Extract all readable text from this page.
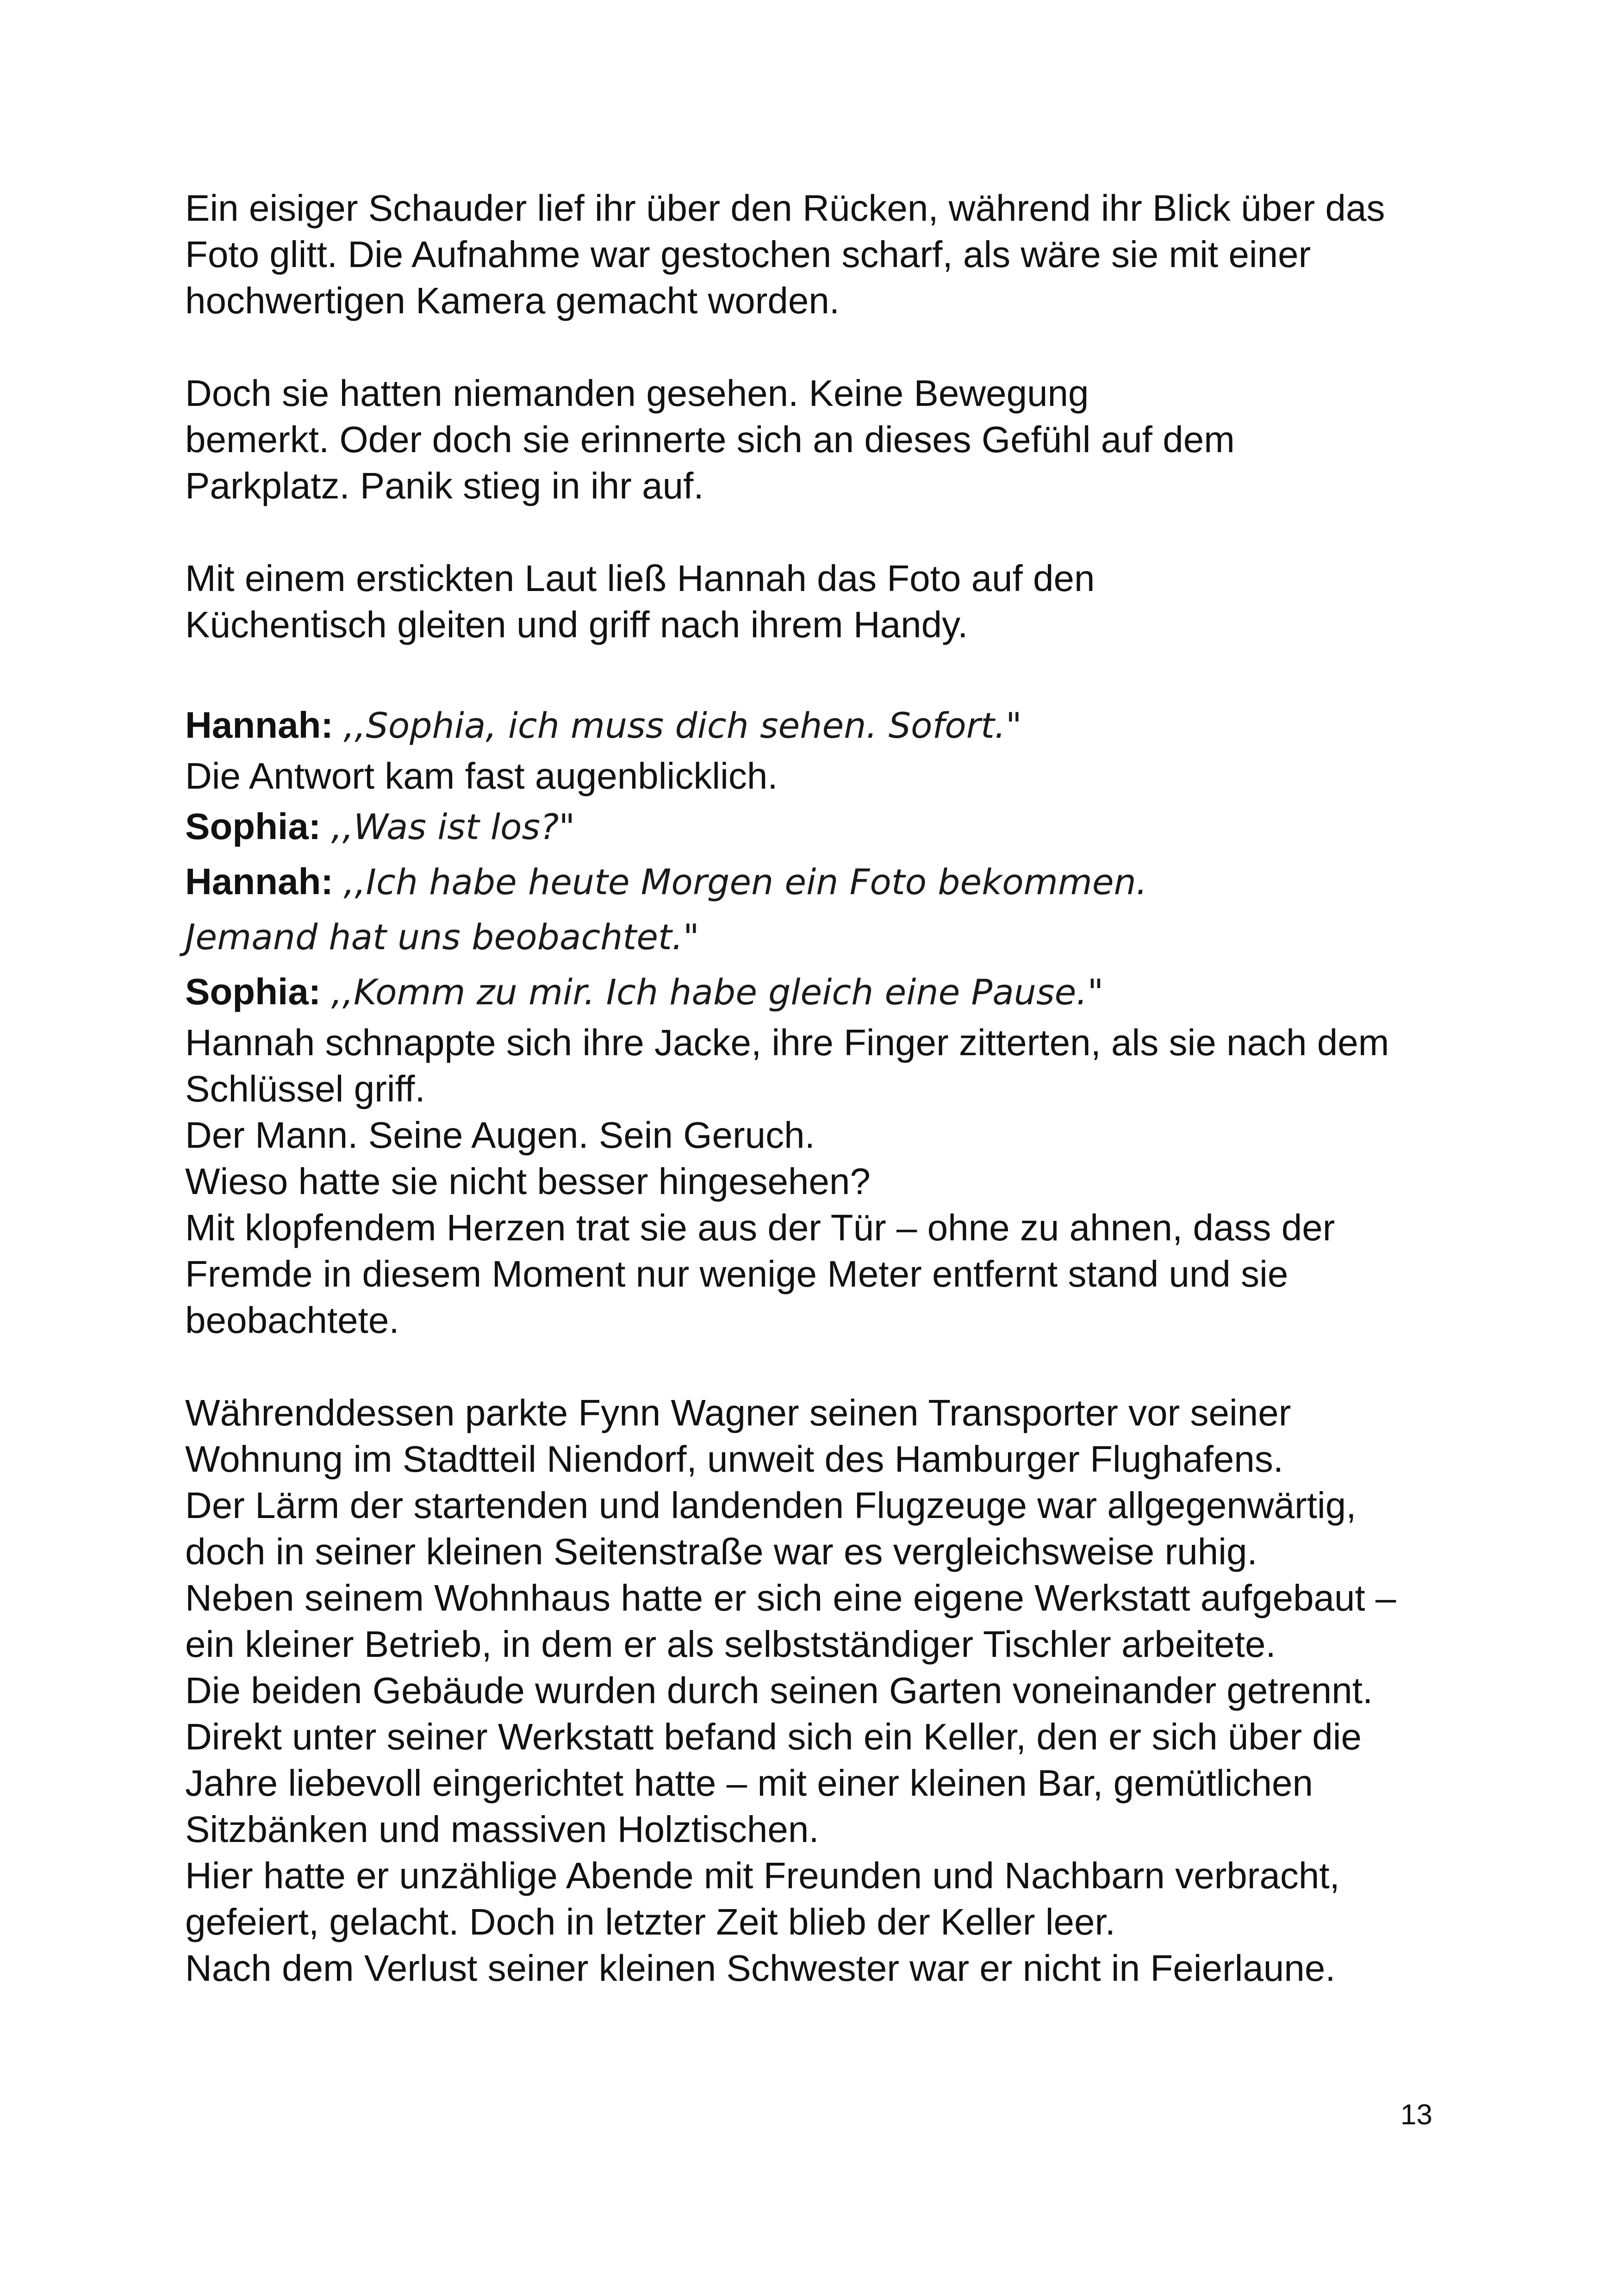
Ein eisiger Schauder lief ihr über den Rücken, während ihr Blick über das
Foto glitt. Die Aufnahme war gestochen scharf, als wäre sie mit einer
hochwertigen Kamera gemacht worden.

Doch sie hatten niemanden gesehen. Keine Bewegung
bemerkt. Oder doch sie erinnerte sich an dieses Gefühl auf dem
Parkplatz. Panik stieg in ihr auf.

Mit einem erstickten Laut ließ Hannah das Foto auf den
Küchentisch gleiten und griff nach ihrem Handy.

Hannah: ,,Sophia, ich muss dich sehen. Sofort."
Die Antwort kam fast augenblicklich.
Sophia: ,,Was ist los?"
Hannah: ,,Ich habe heute Morgen ein Foto bekommen.
Jemand hat uns beobachtet."
Sophia: ,,Komm zu mir. Ich habe gleich eine Pause."

Hannah schnappte sich ihre Jacke, ihre Finger zitterten, als sie nach dem
Schlüssel griff.
Der Mann. Seine Augen. Sein Geruch.
Wieso hatte sie nicht besser hingesehen?
Mit klopfendem Herzen trat sie aus der Tür – ohne zu ahnen, dass der
Fremde in diesem Moment nur wenige Meter entfernt stand und sie
beobachtete.

Währenddessen parkte Fynn Wagner seinen Transporter vor seiner
Wohnung im Stadtteil Niendorf, unweit des Hamburger Flughafens.
Der Lärm der startenden und landenden Flugzeuge war allgegenwärtig,
doch in seiner kleinen Seitenstraße war es vergleichsweise ruhig.
Neben seinem Wohnhaus hatte er sich eine eigene Werkstatt aufgebaut –
ein kleiner Betrieb, in dem er als selbstständiger Tischler arbeitete.
Die beiden Gebäude wurden durch seinen Garten voneinander getrennt.
Direkt unter seiner Werkstatt befand sich ein Keller, den er sich über die
Jahre liebevoll eingerichtet hatte – mit einer kleinen Bar, gemütlichen
Sitzbänken und massiven Holztischen.
Hier hatte er unzählige Abende mit Freunden und Nachbarn verbracht,
gefeiert, gelacht. Doch in letzter Zeit blieb der Keller leer.
Nach dem Verlust seiner kleinen Schwester war er nicht in Feierlaune.

13
